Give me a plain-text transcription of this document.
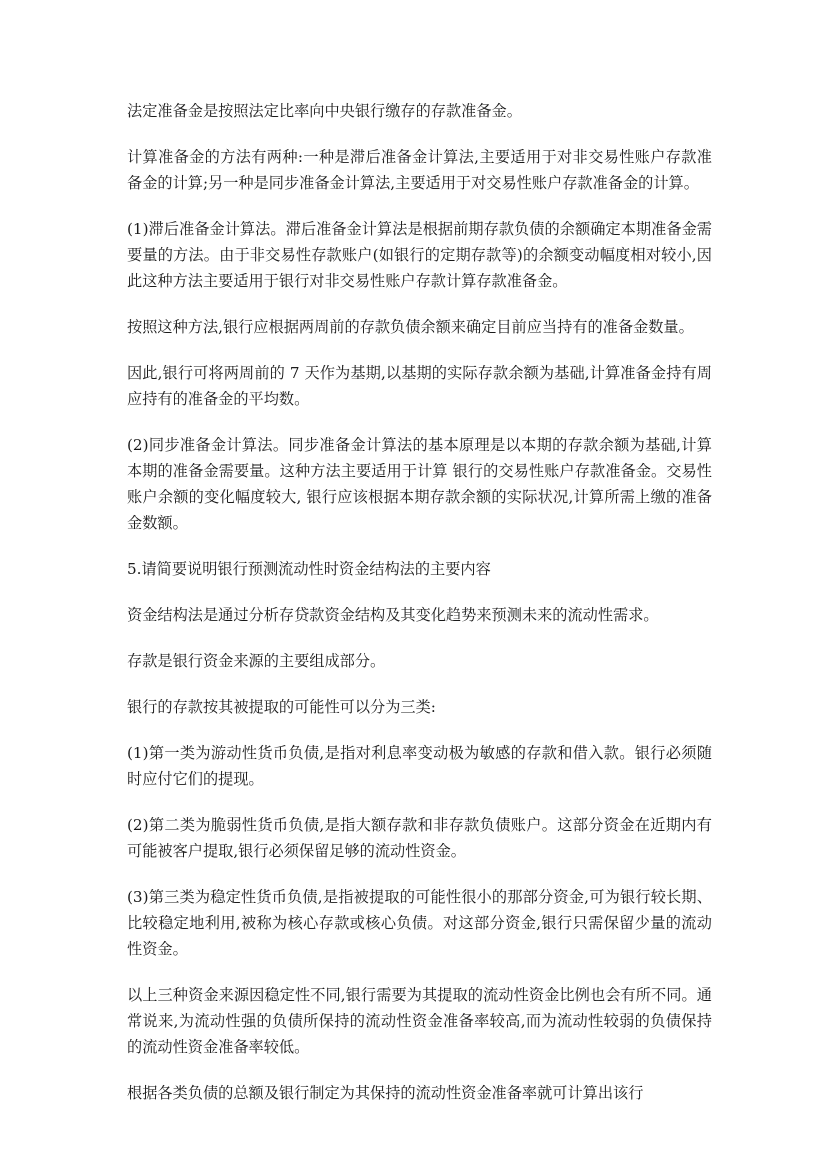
法定准备金是按照法定比率向中央银行缴存的存款准备金。

计算准备金的方法有两种:一种是滞后准备金计算法,主要适用于对非交易性账户存款准备金的计算;另一种是同步准备金计算法,主要适用于对交易性账户存款准备金的计算。

(1)滞后准备金计算法。滞后准备金计算法是根据前期存款负债的余额确定本期准备金需要量的方法。由于非交易性存款账户(如银行的定期存款等)的余额变动幅度相对较小,因此这种方法主要适用于银行对非交易性账户存款计算存款准备金。

按照这种方法,银行应根据两周前的存款负债余额来确定目前应当持有的准备金数量。

因此,银行可将两周前的 7 天作为基期,以基期的实际存款余额为基础,计算准备金持有周应持有的准备金的平均数。

(2)同步准备金计算法。同步准备金计算法的基本原理是以本期的存款余额为基础,计算本期的准备金需要量。这种方法主要适用于计算 银行的交易性账户存款准备金。交易性账户余额的变化幅度较大, 银行应该根据本期存款余额的实际状况,计算所需上缴的准备金数额。

5.请简要说明银行预测流动性时资金结构法的主要内容

资金结构法是通过分析存贷款资金结构及其变化趋势来预测未来的流动性需求。

存款是银行资金来源的主要组成部分。

银行的存款按其被提取的可能性可以分为三类:

(1)第一类为游动性货币负债,是指对利息率变动极为敏感的存款和借入款。银行必须随时应付它们的提现。

(2)第二类为脆弱性货币负债,是指大额存款和非存款负债账户。这部分资金在近期内有可能被客户提取,银行必须保留足够的流动性资金。

(3)第三类为稳定性货币负债,是指被提取的可能性很小的那部分资金,可为银行较长期、比较稳定地利用,被称为核心存款或核心负债。对这部分资金,银行只需保留少量的流动性资金。

以上三种资金来源因稳定性不同,银行需要为其提取的流动性资金比例也会有所不同。通常说来,为流动性强的负债所保持的流动性资金准备率较高,而为流动性较弱的负债保持的流动性资金准备率较低。

根据各类负债的总额及银行制定为其保持的流动性资金准备率就可计算出该行
